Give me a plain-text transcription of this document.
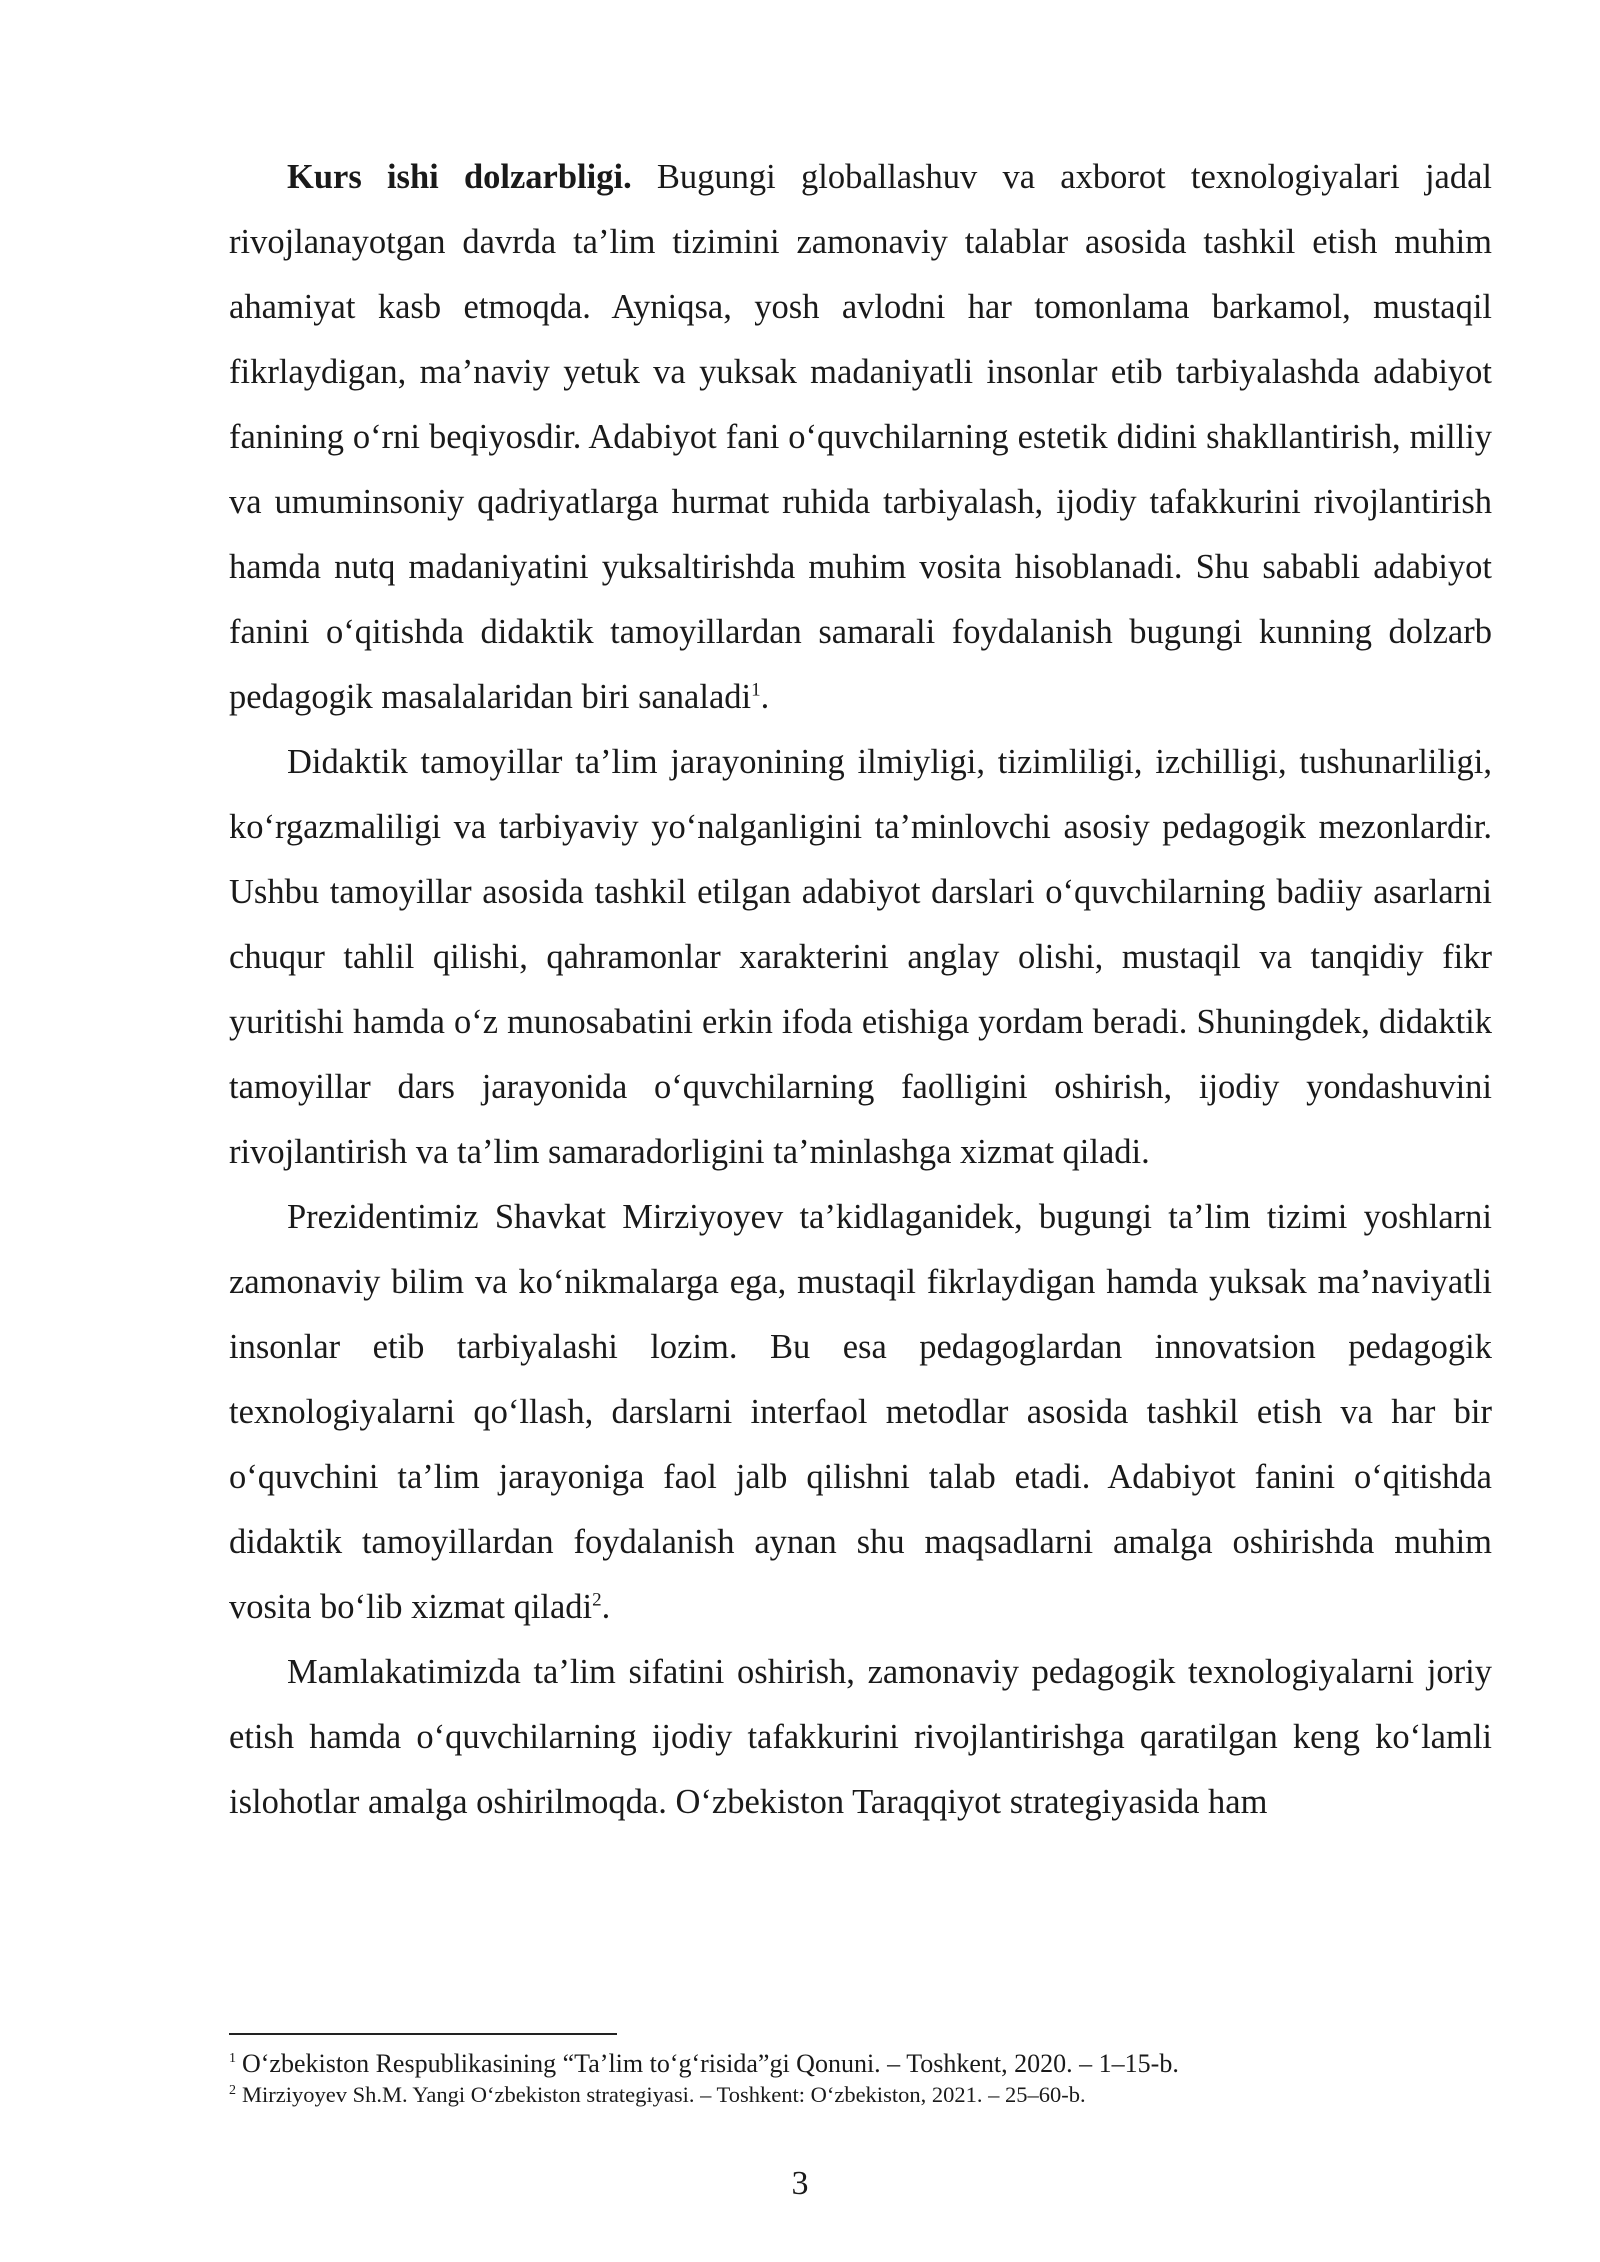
Kurs ishi dolzarbligi. Bugungi globallashuv va axborot texnologiyalari jadal rivojlanayotgan davrda ta’lim tizimini zamonaviy talablar asosida tashkil etish muhim ahamiyat kasb etmoqda. Ayniqsa, yosh avlodni har tomonlama barkamol, mustaqil fikrlaydigan, ma’naviy yetuk va yuksak madaniyatli insonlar etib tarbiyalashda adabiyot fanining o‘rni beqiyosdir. Adabiyot fani o‘quvchilarning estetik didini shakllantirish, milliy va umuminsoniy qadriyatlarga hurmat ruhida tarbiyalash, ijodiy tafakkurini rivojlantirish hamda nutq madaniyatini yuksaltirishda muhim vosita hisoblanadi. Shu sababli adabiyot fanini o‘qitishda didaktik tamoyillardan samarali foydalanish bugungi kunning dolzarb pedagogik masalalaridan biri sanaladi$^1$.

Didaktik tamoyillar ta’lim jarayonining ilmiyligi, tizimliligi, izchilligi, tushunarliligi, ko‘rgazmaliligi va tarbiyaviy yo‘nalganligini ta’minlovchi asosiy pedagogik mezonlardir. Ushbu tamoyillar asosida tashkil etilgan adabiyot darslari o‘quvchilarning badiiy asarlarni chuqur tahlil qilishi, qahramonlar xarakterini anglay olishi, mustaqil va tanqidiy fikr yuritishi hamda o‘z munosabatini erkin ifoda etishiga yordam beradi. Shuningdek, didaktik tamoyillar dars jarayonida o‘quvchilarning faolligini oshirish, ijodiy yondashuvini rivojlantirish va ta’lim samaradorligini ta’minlashga xizmat qiladi.

Prezidentimiz Shavkat Mirziyoyev ta’kidlaganidek, bugungi ta’lim tizimi yoshlarni zamonaviy bilim va ko‘nikmalarga ega, mustaqil fikrlaydigan hamda yuksak ma’naviyatli insonlar etib tarbiyalashi lozim. Bu esa pedagoglardan innovatsion pedagogik texnologiyalarni qo‘llash, darslarni interfaol metodlar asosida tashkil etish va har bir o‘quvchini ta’lim jarayoniga faol jalb qilishni talab etadi. Adabiyot fanini o‘qitishda didaktik tamoyillardan foydalanish aynan shu maqsadlarni amalga oshirishda muhim vosita bo‘lib xizmat qiladi$^2$.

Mamlakatimizda ta’lim sifatini oshirish, zamonaviy pedagogik texnologiyalarni joriy etish hamda o‘quvchilarning ijodiy tafakkurini rivojlantirishga qaratilgan keng ko‘lamli islohotlar amalga oshirilmoqda. O‘zbekiston Taraqqiyot strategiyasida ham

$^1$ O‘zbekiston Respublikasining “Ta’lim to‘g‘risida”gi Qonuni. – Toshkent, 2020. – 1–15-b.

$^2$ Mirziyoyev Sh.M. Yangi O‘zbekiston strategiyasi. – Toshkent: O‘zbekiston, 2021. – 25–60-b.

3
